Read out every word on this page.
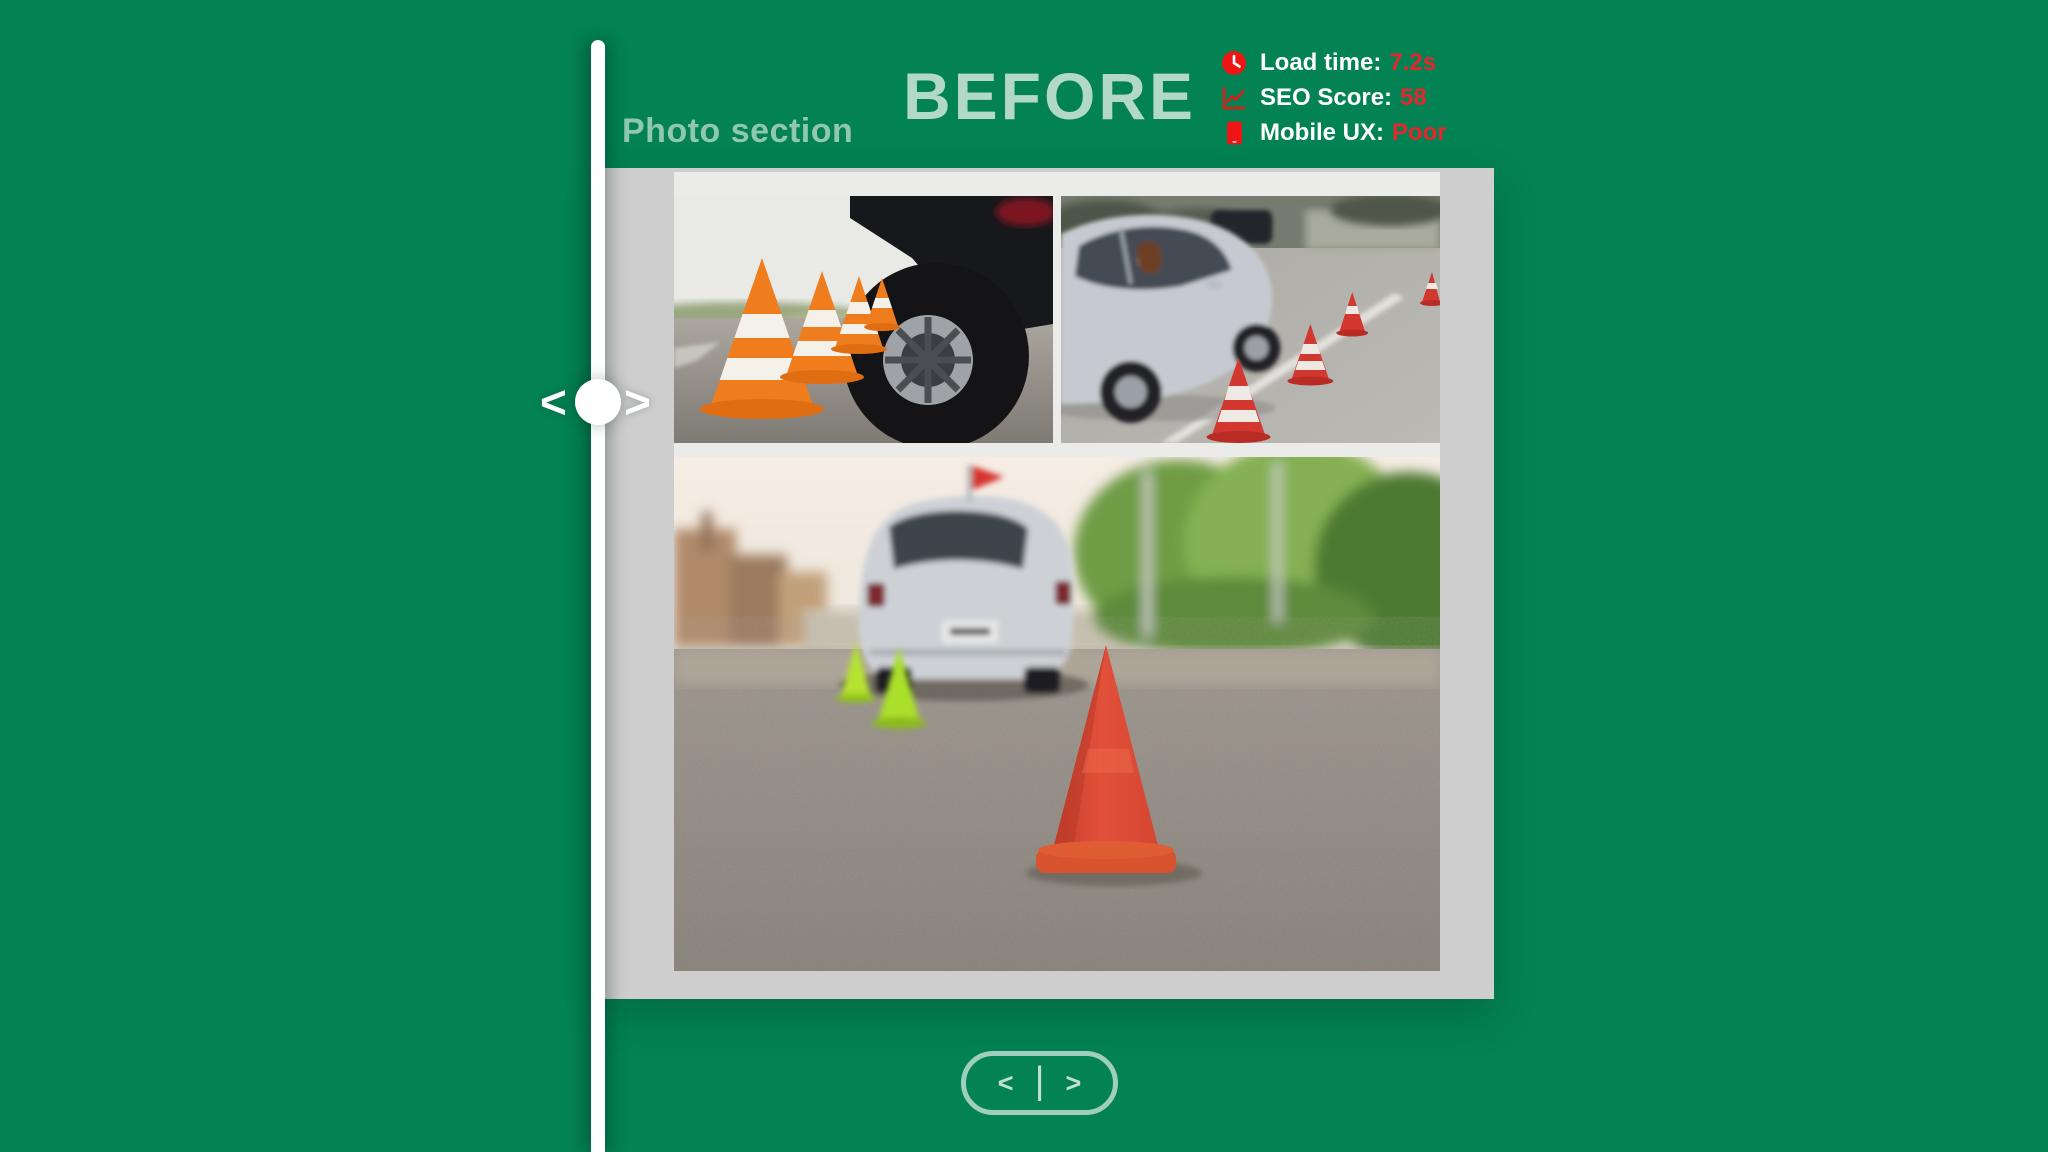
BEFORE
Photo section
Load time: 7.2s
SEO Score: 58
Mobile UX: Poor
< >
< | >
